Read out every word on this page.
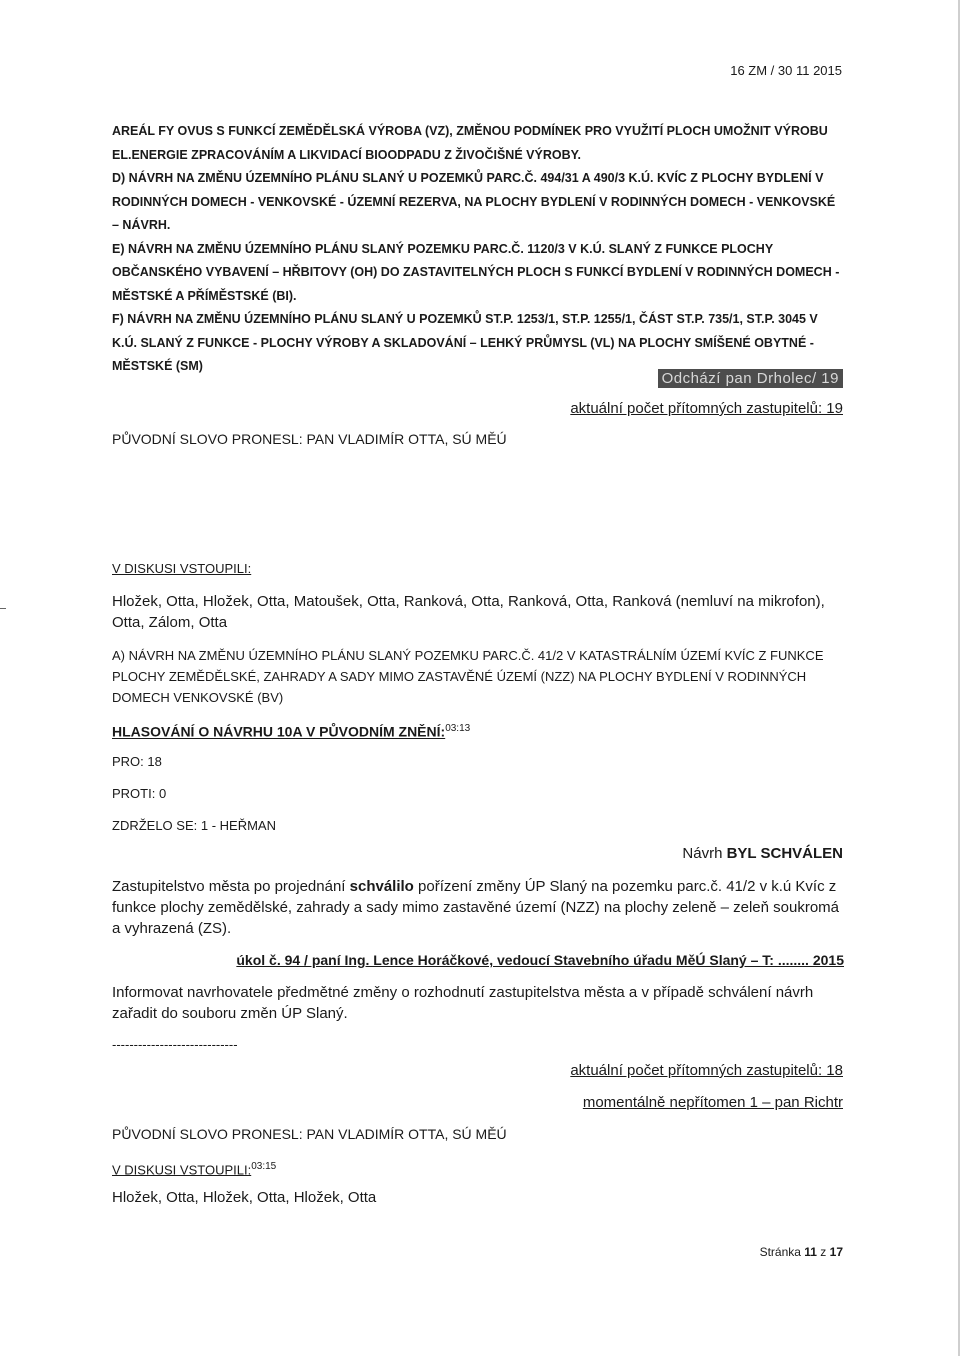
16 ZM / 30 11 2015

AREÁL FY OVUS S FUNKCÍ ZEMĚDĚLSKÁ VÝROBA (VZ), ZMĚNOU PODMÍNEK PRO VYUŽITÍ PLOCH UMOŽNIT VÝROBU EL.ENERGIE ZPRACOVÁNÍM A LIKVIDACÍ BIOODPADU Z ŽIVOČIŠNÉ VÝROBY.

D) NÁVRH NA ZMĚNU ÚZEMNÍHO PLÁNU SLANÝ U POZEMKŮ PARC.Č. 494/31 A 490/3 K.Ú. KVÍC Z PLOCHY BYDLENÍ V RODINNÝCH DOMECH - VENKOVSKÉ - ÚZEMNÍ REZERVA, NA PLOCHY BYDLENÍ V RODINNÝCH DOMECH - VENKOVSKÉ – NÁVRH.

E) NÁVRH NA ZMĚNU ÚZEMNÍHO PLÁNU SLANÝ POZEMKU PARC.Č. 1120/3 V K.Ú. SLANÝ Z FUNKCE PLOCHY OBČANSKÉHO VYBAVENÍ – HŘBITOVY (OH) DO ZASTAVITELNÝCH PLOCH S FUNKCÍ BYDLENÍ V RODINNÝCH DOMECH - MĚSTSKÉ A PŘÍMĚSTSKÉ (BI).

F) NÁVRH NA ZMĚNU ÚZEMNÍHO PLÁNU SLANÝ U POZEMKŮ ST.P. 1253/1, ST.P. 1255/1, ČÁST ST.P. 735/1, ST.P. 3045 V K.Ú. SLANÝ Z FUNKCE - PLOCHY VÝROBY A SKLADOVÁNÍ – LEHKÝ PRŮMYSL (VL) NA PLOCHY SMÍŠENÉ OBYTNÉ - MĚSTSKÉ (SM)

Odchází pan Drholec/ 19
aktuální počet přítomných zastupitelů: 19
PŮVODNÍ SLOVO PRONESL: PAN VLADIMÍR OTTA, SÚ MĚÚ
V DISKUSI VSTOUPILI:
Hložek, Otta, Hložek, Otta, Matoušek, Otta, Ranková, Otta, Ranková, Otta, Ranková (nemluví na mikrofon), Otta, Zálom, Otta
A) NÁVRH NA ZMĚNU ÚZEMNÍHO PLÁNU SLANÝ POZEMKU PARC.Č. 41/2 V KATASTRÁLNÍM ÚZEMÍ KVÍC Z FUNKCE PLOCHY ZEMĚDĚLSKÉ, ZAHRADY A SADY MIMO ZASTAVĚNÉ ÚZEMÍ (NZZ) NA PLOCHY BYDLENÍ V RODINNÝCH DOMECH VENKOVSKÉ (BV)
HLASOVÁNÍ O NÁVRHU 10A V PŮVODNÍM ZNĚNÍ:$^{03:13}$
PRO: 18
PROTI: 0
ZDRŽELO SE: 1 - HEŘMAN
Návrh BYL SCHVÁLEN
Zastupitelstvo města po projednání schválilo pořízení změny ÚP Slaný na pozemku parc.č. 41/2 v k.ú Kvíc z funkce plochy zemědělské, zahrady a sady mimo zastavěné území (NZZ) na plochy zeleně – zeleň soukromá a vyhrazená (ZS).
úkol č. 94 / paní Ing. Lence Horáčkové, vedoucí Stavebního úřadu MěÚ Slaný – T: ........ 2015
Informovat navrhovatele předmětné změny o rozhodnutí zastupitelstva města a v případě schválení návrh zařadit do souboru změn ÚP Slaný.
-----------------------------
aktuální počet přítomných zastupitelů: 18
momentálně nepřítomen 1 – pan Richtr
PŮVODNÍ SLOVO PRONESL: PAN VLADIMÍR OTTA, SÚ MĚÚ
V DISKUSI VSTOUPILI:$^{03:15}$
Hložek, Otta, Hložek, Otta, Hložek, Otta
Stránka 11 z 17
